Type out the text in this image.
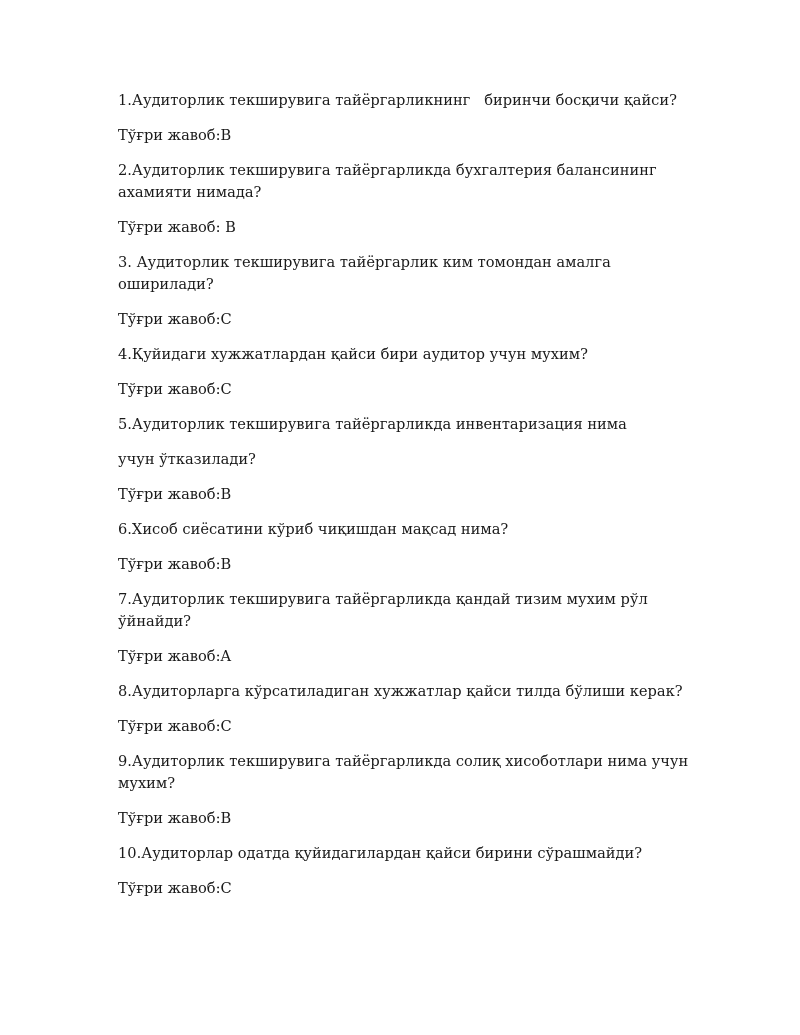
1.Аудиторлик текширувига тайёргарликнинг   биринчи босқичи қайси?

Тўғри жавоб:B

2.Аудиторлик текширувига тайёргарликда бухгалтерия балансининг ахамияти нимада?

Тўғри жавоб: B

3. Аудиторлик текширувига тайёргарлик ким томондан амалга оширилади?

Тўғри жавоб:C

4.Қуйидаги хужжатлардан қайси бири аудитор учун мухим?

Тўғри жавоб:C

5.Аудиторлик текширувига тайёргарликда инвентаризация нима

учун ўтказилади?

Тўғри жавоб:B

6.Хисоб сиёсатини кўриб чиқишдан мақсад нима?

Тўғри жавоб:B

7.Аудиторлик текширувига тайёргарликда қандай тизим мухим рўл ўйнайди?

Тўғри жавоб:A

8.Аудиторларга кўрсатиладиган хужжатлар қайси тилда бўлиши керак?

Тўғри жавоб:C

9.Аудиторлик текширувига тайёргарликда солиқ хисоботлари нима учун мухим?

Тўғри жавоб:B

10.Аудиторлар одатда қуйидагилардан қайси бирини сўрашмайди?

Тўғри жавоб:C
